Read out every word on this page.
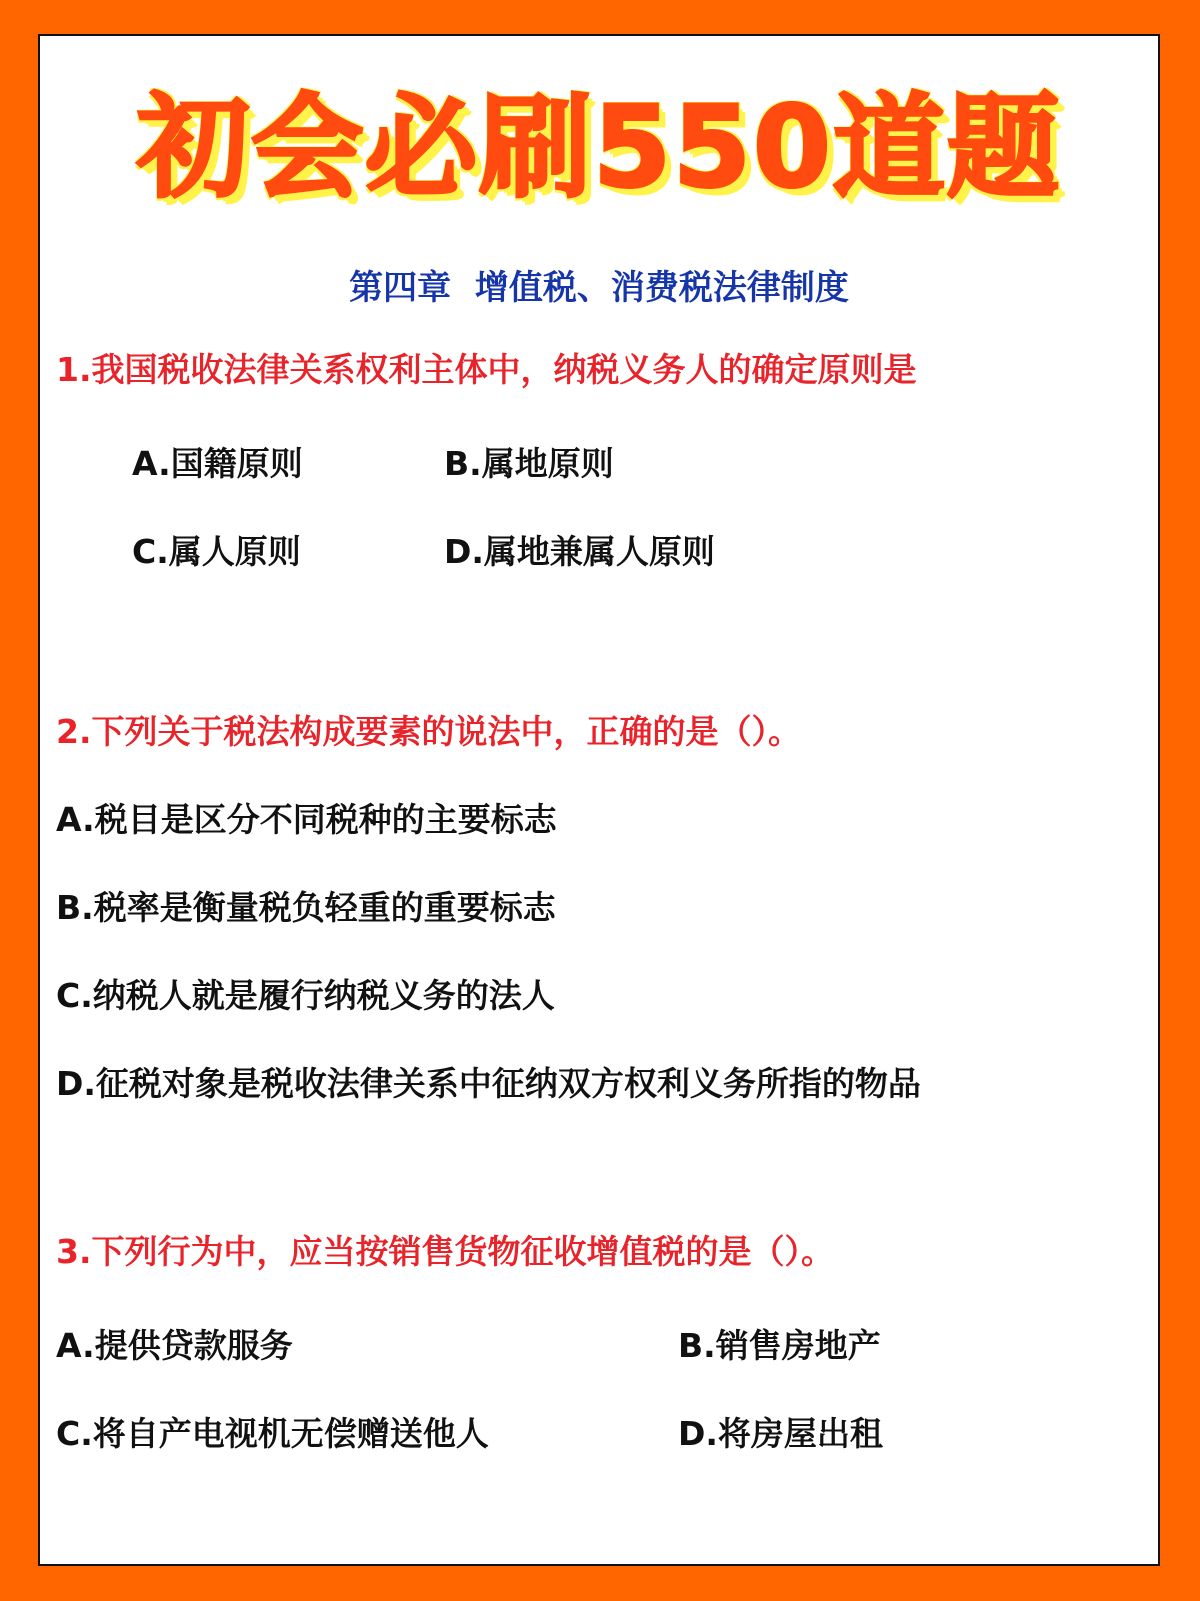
初会必刷550道题
第四章  增值税、消费税法律制度
1.我国税收法律关系权利主体中，纳税义务人的确定原则是
A.国籍原则	B.属地原则
C.属人原则	D.属地兼属人原则
2.下列关于税法构成要素的说法中，正确的是（）。
A.税目是区分不同税种的主要标志
B.税率是衡量税负轻重的重要标志
C.纳税人就是履行纳税义务的法人
D.征税对象是税收法律关系中征纳双方权利义务所指的物品
3.下列行为中，应当按销售货物征收增值税的是（）。
A.提供贷款服务	B.销售房地产
C.将自产电视机无偿赠送他人	D.将房屋出租
